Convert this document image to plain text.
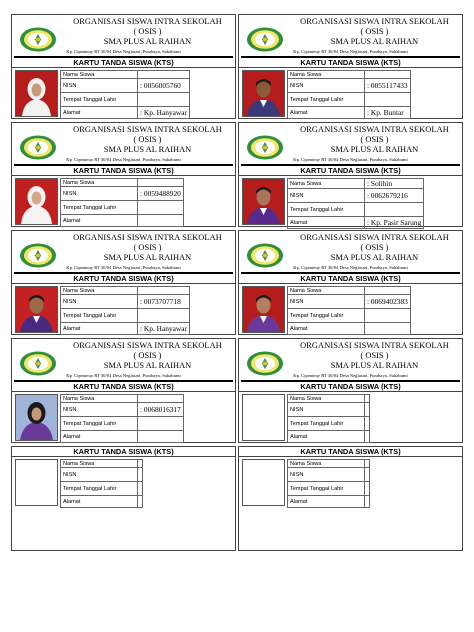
ORGANISASI SISWA INTRA SEKOLAH
( OSIS )
SMA PLUS AL RAIHAN
Kp. Cipeuteuy RT 30/04 Desa Neglasari, Purabaya, Sukabumi
KARTU TANDA SISWA (KTS)
Nama Siswa	
NISN	: 0056005760
Tempat Tanggal Lahir	
Alamat	: Kp. Hanyawar
ORGANISASI SISWA INTRA SEKOLAH
( OSIS )
SMA PLUS AL RAIHAN
Kp. Cipeuteuy RT 30/04 Desa Neglasari, Purabaya, Sukabumi
KARTU TANDA SISWA (KTS)
Nama Siswa	
NISN	: 0055117433
Tempat Tanggal Lahir	
Alamat	: Kp. Buntar
ORGANISASI SISWA INTRA SEKOLAH
( OSIS )
SMA PLUS AL RAIHAN
Kp. Cipeuteuy RT 30/04 Desa Neglasari, Purabaya, Sukabumi
KARTU TANDA SISWA (KTS)
Nama Siswa	
NISN	: 0059488920
Tempat Tanggal Lahir	
Alamat	
ORGANISASI SISWA INTRA SEKOLAH
( OSIS )
SMA PLUS AL RAIHAN
Kp. Cipeuteuy RT 30/04 Desa Neglasari, Purabaya, Sukabumi
KARTU TANDA SISWA (KTS)
Nama Siswa	: Solihin
NISN	: 0062679216
Tempat Tanggal Lahir	
Alamat	: Kp. Pasir Sarung
ORGANISASI SISWA INTRA SEKOLAH
( OSIS )
SMA PLUS AL RAIHAN
Kp. Cipeuteuy RT 30/04 Desa Neglasari, Purabaya, Sukabumi
KARTU TANDA SISWA (KTS)
Nama Siswa	
NISN	: 0073707718
Tempat Tanggal Lahir	
Alamat	: Kp. Hanyawar
ORGANISASI SISWA INTRA SEKOLAH
( OSIS )
SMA PLUS AL RAIHAN
Kp. Cipeuteuy RT 30/04 Desa Neglasari, Purabaya, Sukabumi
KARTU TANDA SISWA (KTS)
Nama Siswa	
NISN	: 0069402383
Tempat Tanggal Lahir	
Alamat	
ORGANISASI SISWA INTRA SEKOLAH
( OSIS )
SMA PLUS AL RAIHAN
Kp. Cipeuteuy RT 30/04 Desa Neglasari, Purabaya, Sukabumi
KARTU TANDA SISWA (KTS)
Nama Siswa	
NISN	: 0068016317
Tempat Tanggal Lahir	
Alamat	
ORGANISASI SISWA INTRA SEKOLAH
( OSIS )
SMA PLUS AL RAIHAN
Kp. Cipeuteuy RT 30/04 Desa Neglasari, Purabaya, Sukabumi
KARTU TANDA SISWA (KTS)
Nama Siswa	
NISN	
Tempat Tanggal Lahir	
Alamat	
KARTU TANDA SISWA (KTS)
Nama Siswa	
NISN	
Tempat Tanggal Lahir	
Alamat	
KARTU TANDA SISWA (KTS)
Nama Siswa	
NISN	
Tempat Tanggal Lahir	
Alamat	
